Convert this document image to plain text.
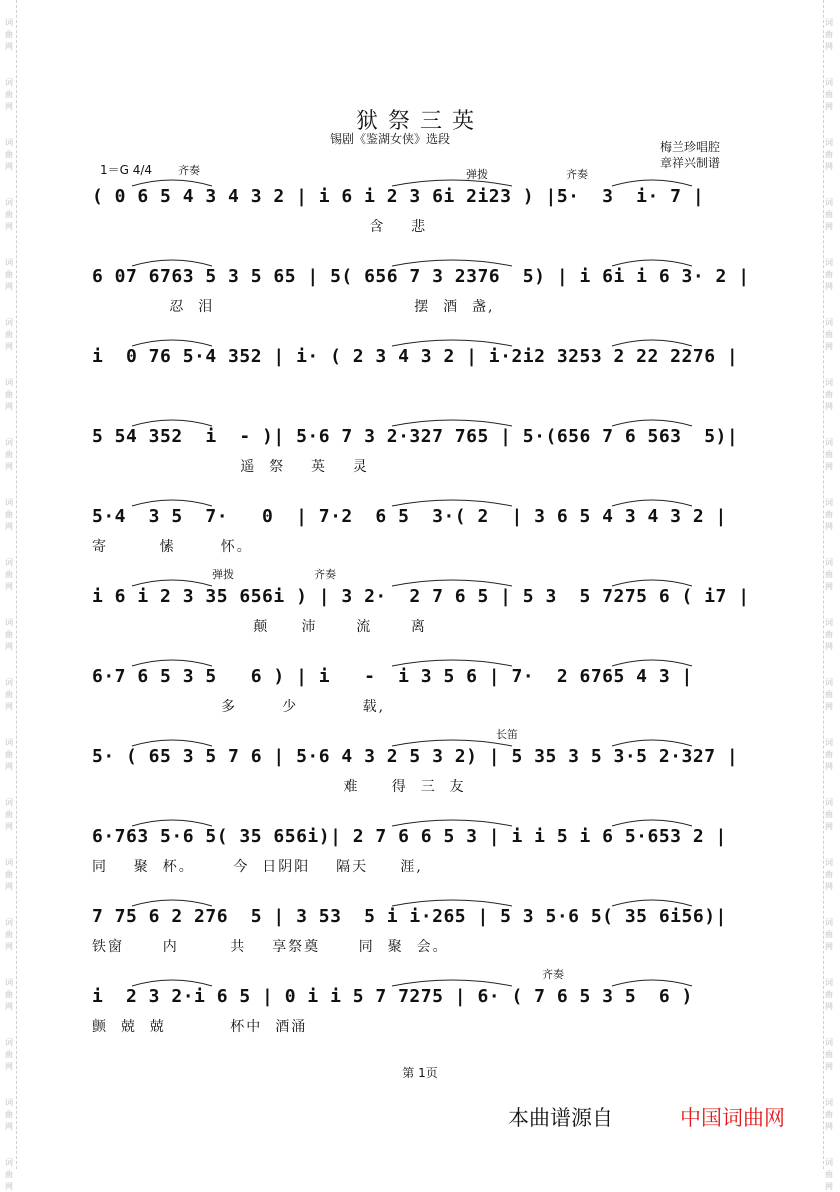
狱祭三英
锡剧《鉴湖女侠》选段
梅兰珍唱腔
章祥兴制谱
1＝G 4/4 齐奏
( 0 6 5 4 3 4 3 2 | i 6 i 2 3 6i 2i23 ) |5·  3  i· 7 |
含    悲
弹拨	齐奏
6 07 6763 5 3 5 65 | 5( 656 7 3 2376  5) | i 6i i 6 3· 2 |
忍  泪                               摆  酒  盏,
i  0 76 5·4 352 | i· ( 2 3 4 3 2 | i·2i2 3253 2 22 2276 |
5 54 352  i  - )| 5·6 7 3 2·327 765 | 5·(656 7 6 563  5)|
遥  祭    英    灵
5·4  3 5  7·   0  | 7·2  6 5  3·( 2  | 3 6 5 4 3 4 3 2 |
寄        愫       怀。
i 6 i 2 3 35 656i ) | 3 2·  2 7 6 5 | 5 3  5 7275 6 ( i7 |
颠     沛      流      离
弹拨	齐奏
6·7 6 5 3 5   6 ) | i   -  i 3 5 6 | 7·  2 6765 4 3 |
多       少          载,
5· ( 65 3 5 7 6 | 5·6 4 3 2 5 3 2) | 5 35 3 5 3·5 2·327 |
难     得  三  友
长笛
6·763 5·6 5( 35 656i)| 2 7 6 6 5 3 | i i 5 i 6 5·653 2 |
同    聚  杯。      今  日阴阳    隔天     涯,
7 75 6 2 276  5 | 3 53  5 i i·265 | 5 3 5·6 5( 35 6i56)|
铁窗      内        共    享祭奠      同  聚  会。
i  2 3 2·i 6 5 | 0 i i 5 7 7275 | 6· ( 7 6 5 3 5  6 )
颤  兢  兢          杯中  酒涌
齐奏
第 1页
本曲谱源自	中国词曲网
词
曲
网
词
曲
网
词
曲
网
词
曲
网
词
曲
网
词
曲
网
词
曲
网
词
曲
网
词
曲
网
词
曲
网
词
曲
网
词
曲
网
词
曲
网
词
曲
网
词
曲
网
词
曲
网
词
曲
网
词
曲
网
词
曲
网
词
曲
网
词
曲
网
词
曲
网
词
曲
网
词
曲
网
词
曲
网
词
曲
网
词
曲
网
词
曲
网
词
曲
网
词
曲
网
词
曲
网
词
曲
网
词
曲
网
词
曲
网
词
曲
网
词
曲
网
词
曲
网
词
曲
网
词
曲
网
词
曲
网
